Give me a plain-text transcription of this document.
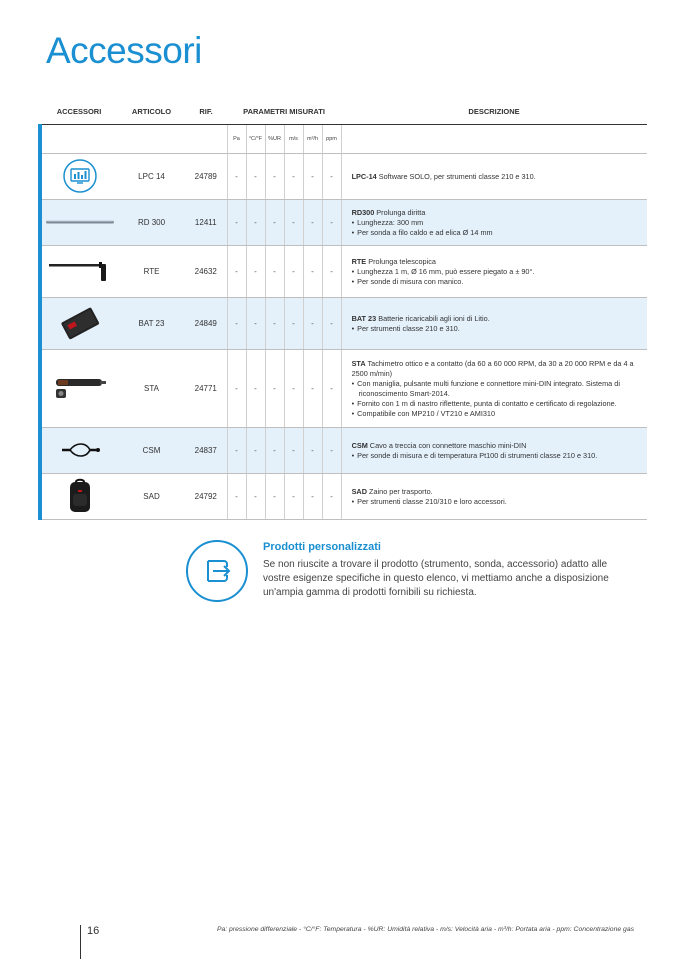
Accessori
ACCESSORI	ARTICOLO	RIF.	PARAMETRI MISURATI						DESCRIZIONE
			Pa	°C/°F	%UR	m/s	m³/h	ppm	
	LPC 14	24789	-	-	-	-	-	-	LPC-14 Software SOLO, per strumenti classe 210 e 310.

	RD 300	12411	-	-	-	-	-	-	RD300 Prolunga diritta
• Lunghezza: 300 mm
• Per sonda a filo caldo e ad elica Ø 14 mm

	RTE	24632	-	-	-	-	-	-	RTE Prolunga telescopica
• Lunghezza 1 m, Ø 16 mm, può essere piegato a ± 90°.
• Per sonde di misura con manico.

	BAT 23	24849	-	-	-	-	-	-	BAT 23 Batterie ricaricabili agli ioni di Litio.
• Per strumenti classe 210 e 310.

	STA	24771	-	-	-	-	-	-	STA Tachimetro ottico e a contatto (da 60 a 60 000 RPM, da 30 a 20 000 RPM e da 4 a 2500 m/min)
• Con maniglia, pulsante multi funzione e connettore mini-DIN integrato. Sistema di riconoscimento Smart-2014.
• Fornito con 1 m di nastro riflettente, punta di contatto e certificato di regolazione.
• Compatibile con MP210 / VT210 e AMI310

	CSM	24837	-	-	-	-	-	-	CSM Cavo a treccia con connettore maschio mini-DIN
• Per sonde di misura e di temperatura Pt100 di strumenti classe 210 e 310.

	SAD	24792	-	-	-	-	-	-	SAD Zaino per trasporto.
• Per strumenti classe 210/310 e loro accessori.
Prodotti personalizzati
Se non riuscite a trovare il prodotto (strumento, sonda, accessorio) adatto alle vostre esigenze specifiche in questo elenco, vi mettiamo anche a disposizione un'ampia gamma di prodotti fornibili su richiesta.
16	Pa: pressione differenziale - °C/°F: Temperatura - %UR: Umidità relativa - m/s: Velocità aria - m³/h: Portata aria - ppm: Concentrazione gas
